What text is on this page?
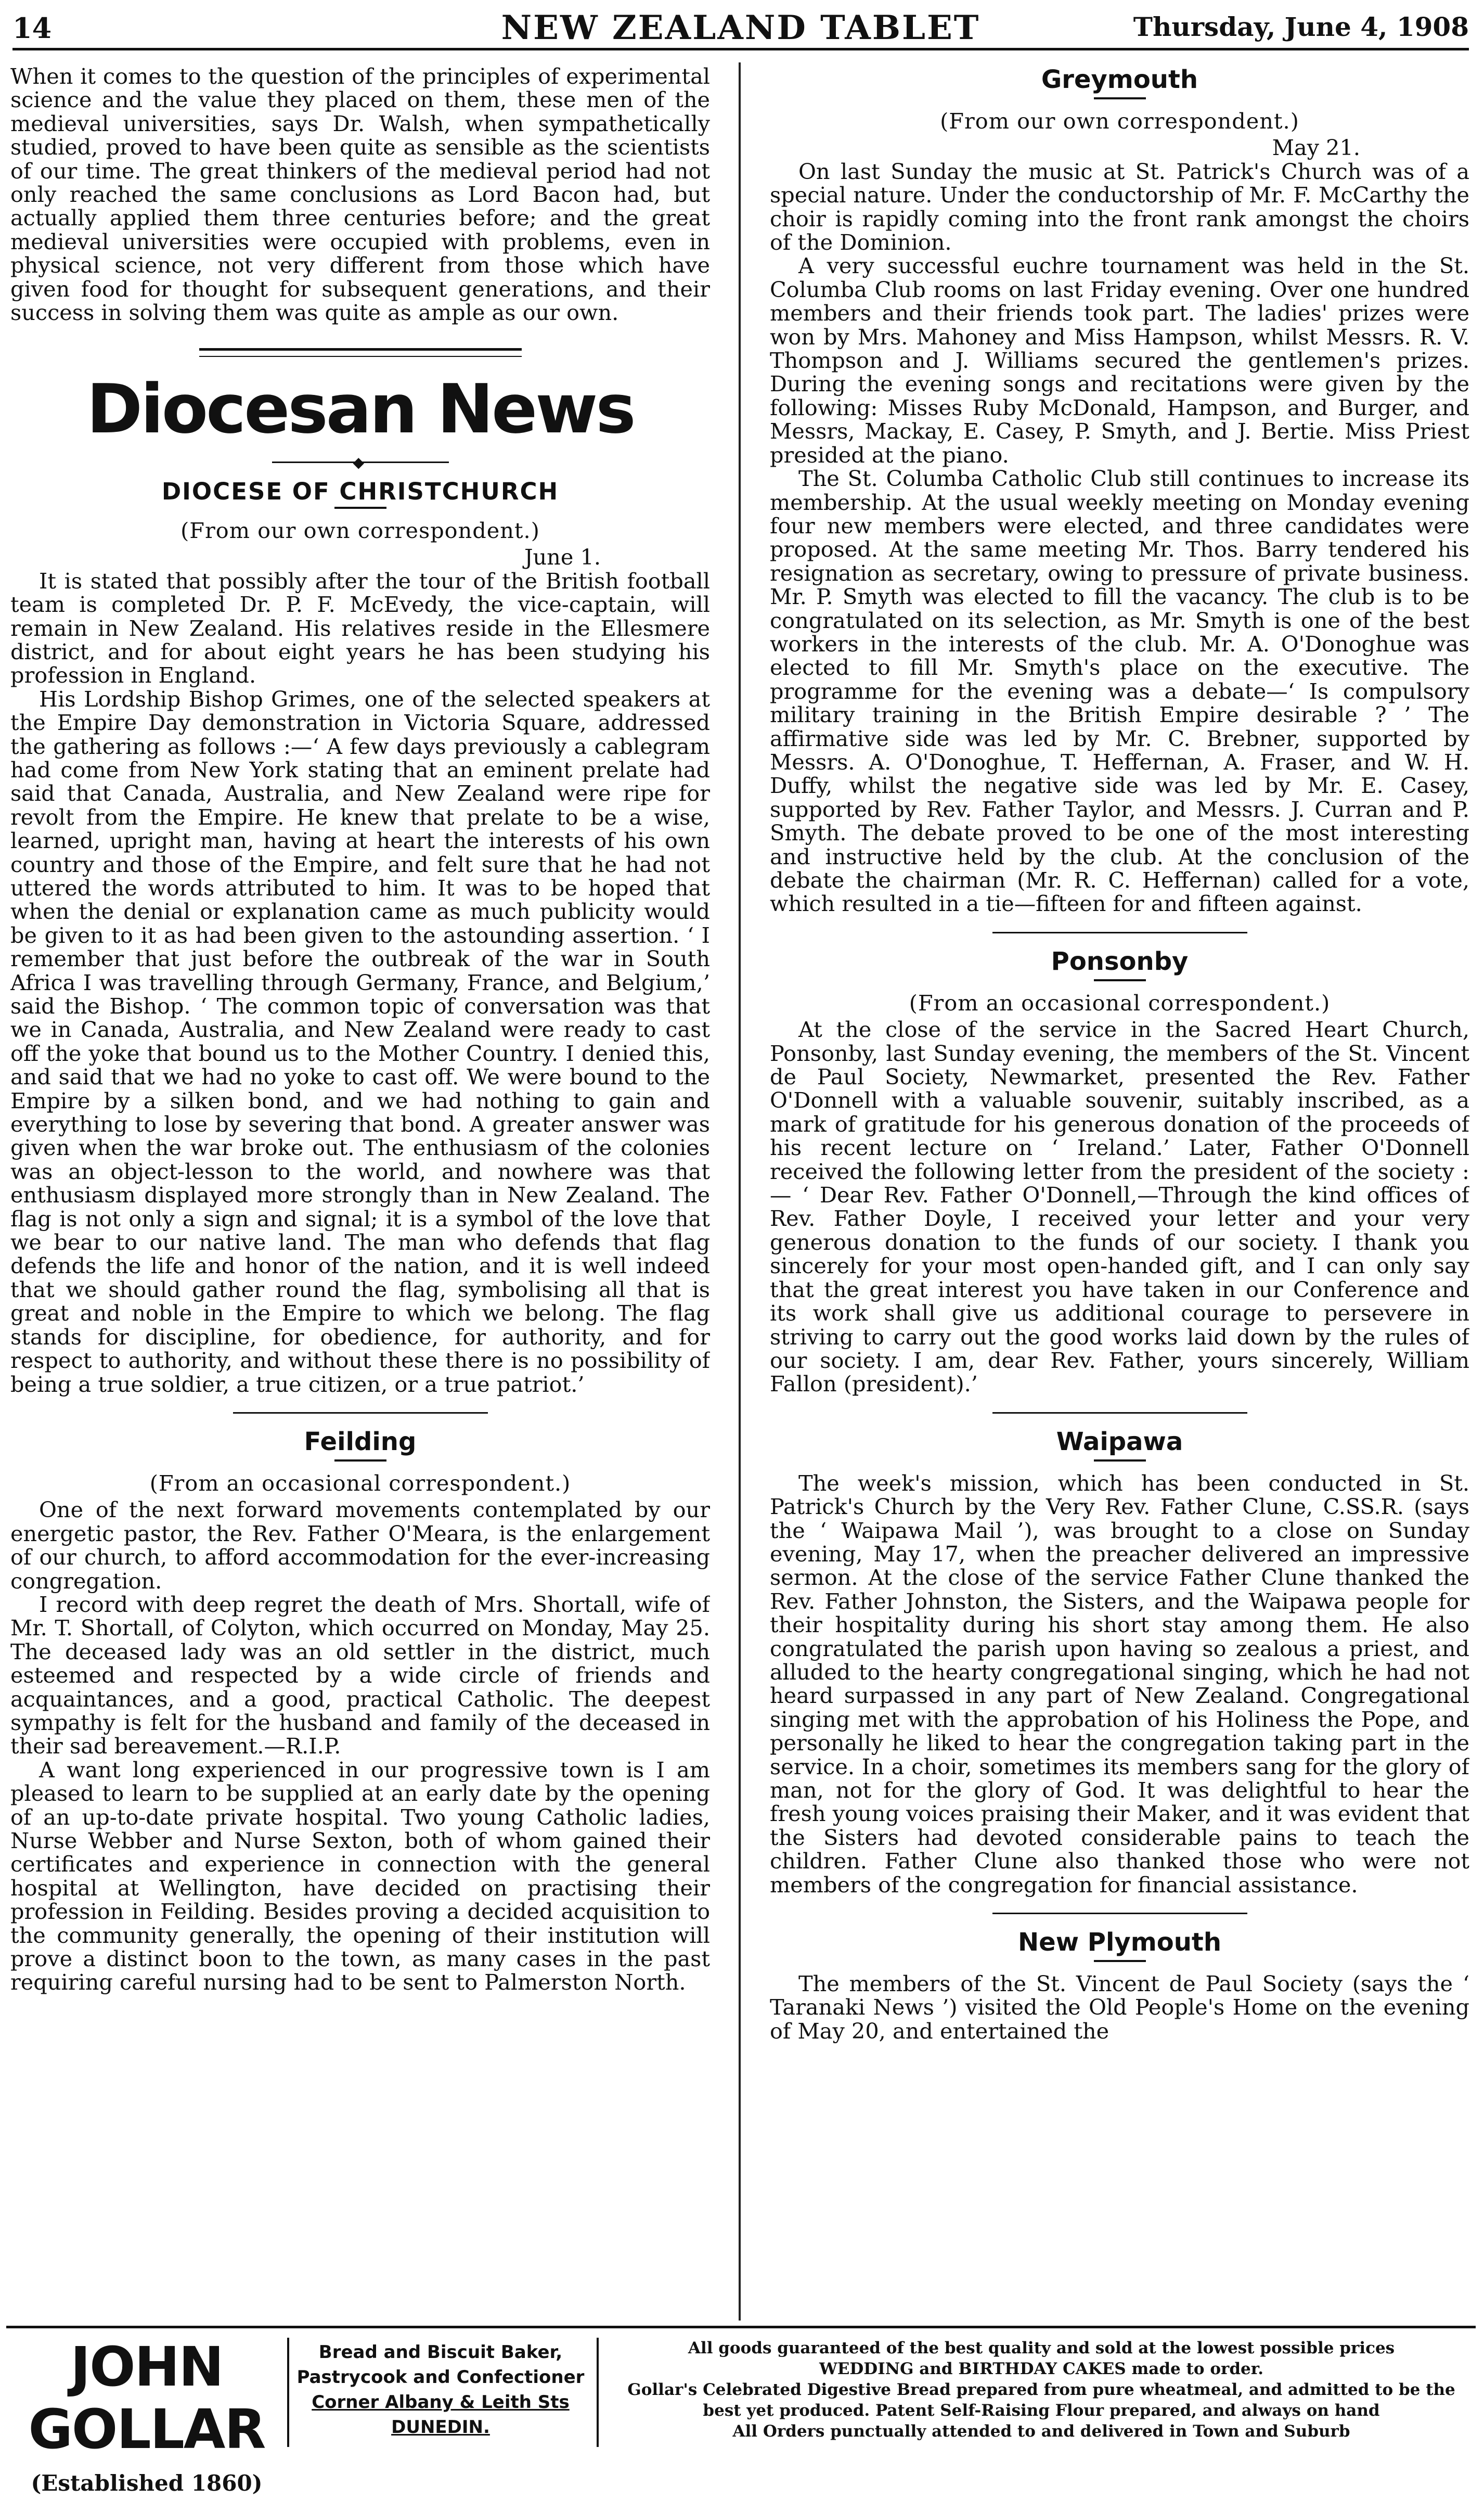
14	NEW ZEALAND TABLET	Thursday, June 4, 1908

When it comes to the question of the principles of experimental science and the value they placed on them, these men of the medieval universities, says Dr. Walsh, when sympathetically studied, proved to have been quite as sensible as the scientists of our time. The great thinkers of the medieval period had not only reached the same conclusions as Lord Bacon had, but actually applied them three centuries before; and the great medieval universities were occupied with problems, even in physical science, not very different from those which have given food for thought for subsequent generations, and their success in solving them was quite as ample as our own.

Diocesan News
◆
DIOCESE OF CHRISTCHURCH
(From our own correspondent.)
June 1.

It is stated that possibly after the tour of the British football team is completed Dr. P. F. McEvedy, the vice-captain, will remain in New Zealand. His relatives reside in the Ellesmere district, and for about eight years he has been studying his profession in England.

His Lordship Bishop Grimes, one of the selected speakers at the Empire Day demonstration in Victoria Square, addressed the gathering as follows :—‘ A few days previously a cablegram had come from New York stating that an eminent prelate had said that Canada, Australia, and New Zealand were ripe for revolt from the Empire. He knew that prelate to be a wise, learned, upright man, having at heart the interests of his own country and those of the Empire, and felt sure that he had not uttered the words attributed to him. It was to be hoped that when the denial or explanation came as much publicity would be given to it as had been given to the astounding assertion. ‘ I remember that just before the outbreak of the war in South Africa I was travelling through Germany, France, and Belgium,’ said the Bishop. ‘ The common topic of conversation was that we in Canada, Australia, and New Zealand were ready to cast off the yoke that bound us to the Mother Country. I denied this, and said that we had no yoke to cast off. We were bound to the Empire by a silken bond, and we had nothing to gain and everything to lose by severing that bond. A greater answer was given when the war broke out. The enthusiasm of the colonies was an object-lesson to the world, and nowhere was that enthusiasm displayed more strongly than in New Zealand. The flag is not only a sign and signal; it is a symbol of the love that we bear to our native land. The man who defends that flag defends the life and honor of the nation, and it is well indeed that we should gather round the flag, symbolising all that is great and noble in the Empire to which we belong. The flag stands for discipline, for obedience, for authority, and for respect to authority, and without these there is no possibility of being a true soldier, a true citizen, or a true patriot.’

Feilding
(From an occasional correspondent.)

One of the next forward movements contemplated by our energetic pastor, the Rev. Father O'Meara, is the enlargement of our church, to afford accommodation for the ever-increasing congregation.

I record with deep regret the death of Mrs. Shortall, wife of Mr. T. Shortall, of Colyton, which occurred on Monday, May 25. The deceased lady was an old settler in the district, much esteemed and respected by a wide circle of friends and acquaintances, and a good, practical Catholic. The deepest sympathy is felt for the husband and family of the deceased in their sad bereavement.—R.I.P.

A want long experienced in our progressive town is I am pleased to learn to be supplied at an early date by the opening of an up-to-date private hospital. Two young Catholic ladies, Nurse Webber and Nurse Sexton, both of whom gained their certificates and experience in connection with the general hospital at Wellington, have decided on practising their profession in Feilding. Besides proving a decided acquisition to the community generally, the opening of their institution will prove a distinct boon to the town, as many cases in the past requiring careful nursing had to be sent to Palmerston North.

Greymouth
(From our own correspondent.)
May 21.

On last Sunday the music at St. Patrick's Church was of a special nature. Under the conductorship of Mr. F. McCarthy the choir is rapidly coming into the front rank amongst the choirs of the Dominion.

A very successful euchre tournament was held in the St. Columba Club rooms on last Friday evening. Over one hundred members and their friends took part. The ladies' prizes were won by Mrs. Mahoney and Miss Hampson, whilst Messrs. R. V. Thompson and J. Williams secured the gentlemen's prizes. During the evening songs and recitations were given by the following: Misses Ruby McDonald, Hampson, and Burger, and Messrs, Mackay, E. Casey, P. Smyth, and J. Bertie. Miss Priest presided at the piano.

The St. Columba Catholic Club still continues to increase its membership. At the usual weekly meeting on Monday evening four new members were elected, and three candidates were proposed. At the same meeting Mr. Thos. Barry tendered his resignation as secretary, owing to pressure of private business. Mr. P. Smyth was elected to fill the vacancy. The club is to be congratulated on its selection, as Mr. Smyth is one of the best workers in the interests of the club. Mr. A. O'Donoghue was elected to fill Mr. Smyth's place on the executive. The programme for the evening was a debate—‘ Is compulsory military training in the British Empire desirable ? ’ The affirmative side was led by Mr. C. Brebner, supported by Messrs. A. O'Donoghue, T. Heffernan, A. Fraser, and W. H. Duffy, whilst the negative side was led by Mr. E. Casey, supported by Rev. Father Taylor, and Messrs. J. Curran and P. Smyth. The debate proved to be one of the most interesting and instructive held by the club. At the conclusion of the debate the chairman (Mr. R. C. Heffernan) called for a vote, which resulted in a tie—fifteen for and fifteen against.

Ponsonby
(From an occasional correspondent.)

At the close of the service in the Sacred Heart Church, Ponsonby, last Sunday evening, the members of the St. Vincent de Paul Society, Newmarket, presented the Rev. Father O'Donnell with a valuable souvenir, suitably inscribed, as a mark of gratitude for his generous donation of the proceeds of his recent lecture on ‘ Ireland.’ Later, Father O'Donnell received the following letter from the president of the society :— ‘ Dear Rev. Father O'Donnell,—Through the kind offices of Rev. Father Doyle, I received your letter and your very generous donation to the funds of our society. I thank you sincerely for your most open-handed gift, and I can only say that the great interest you have taken in our Conference and its work shall give us additional courage to persevere in striving to carry out the good works laid down by the rules of our society. I am, dear Rev. Father, yours sincerely, William Fallon (president).’

Waipawa

The week's mission, which has been conducted in St. Patrick's Church by the Very Rev. Father Clune, C.SS.R. (says the ‘ Waipawa Mail ’), was brought to a close on Sunday evening, May 17, when the preacher delivered an impressive sermon. At the close of the service Father Clune thanked the Rev. Father Johnston, the Sisters, and the Waipawa people for their hospitality during his short stay among them. He also congratulated the parish upon having so zealous a priest, and alluded to the hearty congregational singing, which he had not heard surpassed in any part of New Zealand. Congregational singing met with the approbation of his Holiness the Pope, and personally he liked to hear the congregation taking part in the service. In a choir, sometimes its members sang for the glory of man, not for the glory of God. It was delightful to hear the fresh young voices praising their Maker, and it was evident that the Sisters had devoted considerable pains to teach the children. Father Clune also thanked those who were not members of the congregation for financial assistance.

New Plymouth

The members of the St. Vincent de Paul Society (says the ‘ Taranaki News ’) visited the Old People's Home on the evening of May 20, and entertained the

JOHN GOLLAR
(Established 1860)
Bread and Biscuit Baker,
Pastrycook and Confectioner
Corner Albany & Leith Sts
DUNEDIN.
All goods guaranteed of the best quality and sold at the lowest possible prices
WEDDING and BIRTHDAY CAKES made to order.
Gollar's Celebrated Digestive Bread prepared from pure wheatmeal, and admitted to be the
best yet produced. Patent Self-Raising Flour prepared, and always on hand
All Orders punctually attended to and delivered in Town and Suburb
